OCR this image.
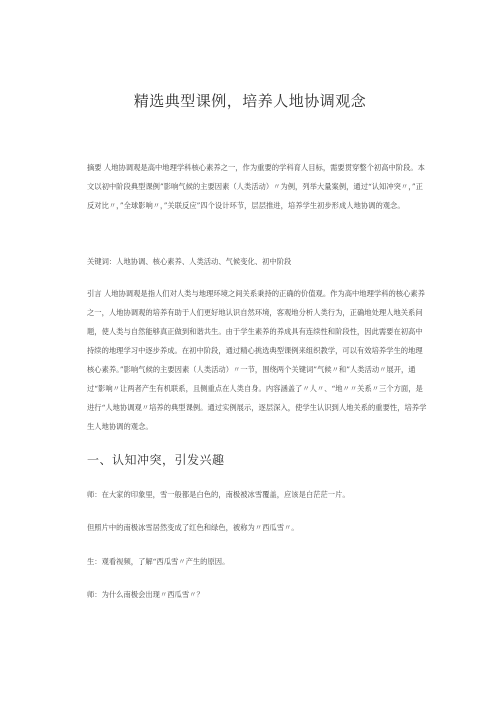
精选典型课例，培养人地协调观念
摘要 人地协调观是高中地理学科核心素养之一，作为重要的学科育人目标，需要贯穿整个初高中阶段。本文以初中阶段典型课例”影响气候的主要因素（人类活动）〃为例，列举大量案例，通过“认知冲突〃，”正反对比〃，”全球影响〃，”关联反应”四个设计环节，层层推进，培养学生初步形成人地协调的观念。
关键词：人地协调、核心素养、人类活动、气候变化、初中阶段
引言 人地协调观是指人们对人类与地理环境之间关系秉持的正确的价值观。作为高中地理学科的核心素养之一，人地协调观的培养有助于人们更好地认识自然环境，客观地分析人类行为，正确地处理人地关系问题，使人类与自然能够真正做到和谐共生。由于学生素养的养成具有连续性和阶段性，因此需要在初高中持续的地理学习中逐步养成。在初中阶段，通过精心挑选典型课例来组织教学，可以有效培养学生的地理核心素养。”影响气候的主要因素（人类活动）〃一节，围绕两个关键词”气候〃和”人类活动〃展开，通过“影响〃让两者产生有机联系，且侧重点在人类自身。内容涵盖了〃人〃、“地〃〃关系〃三个方面，是进行“人地协调观〃培养的典型课例。通过实例展示，逐层深入，使学生认识到人地关系的重要性，培养学生人地协调的观念。
一、认知冲突，引发兴趣
师：在大家的印象里，雪一般都是白色的，南极被冰雪覆盖，应该是白茫茫一片。
但照片中的南极冰雪居然变成了红色和绿色，被称为〃西瓜雪〃。
生：观看视频，了解“西瓜雪〃产生的原因。
师：为什么南极会出现〃西瓜雪〃？
